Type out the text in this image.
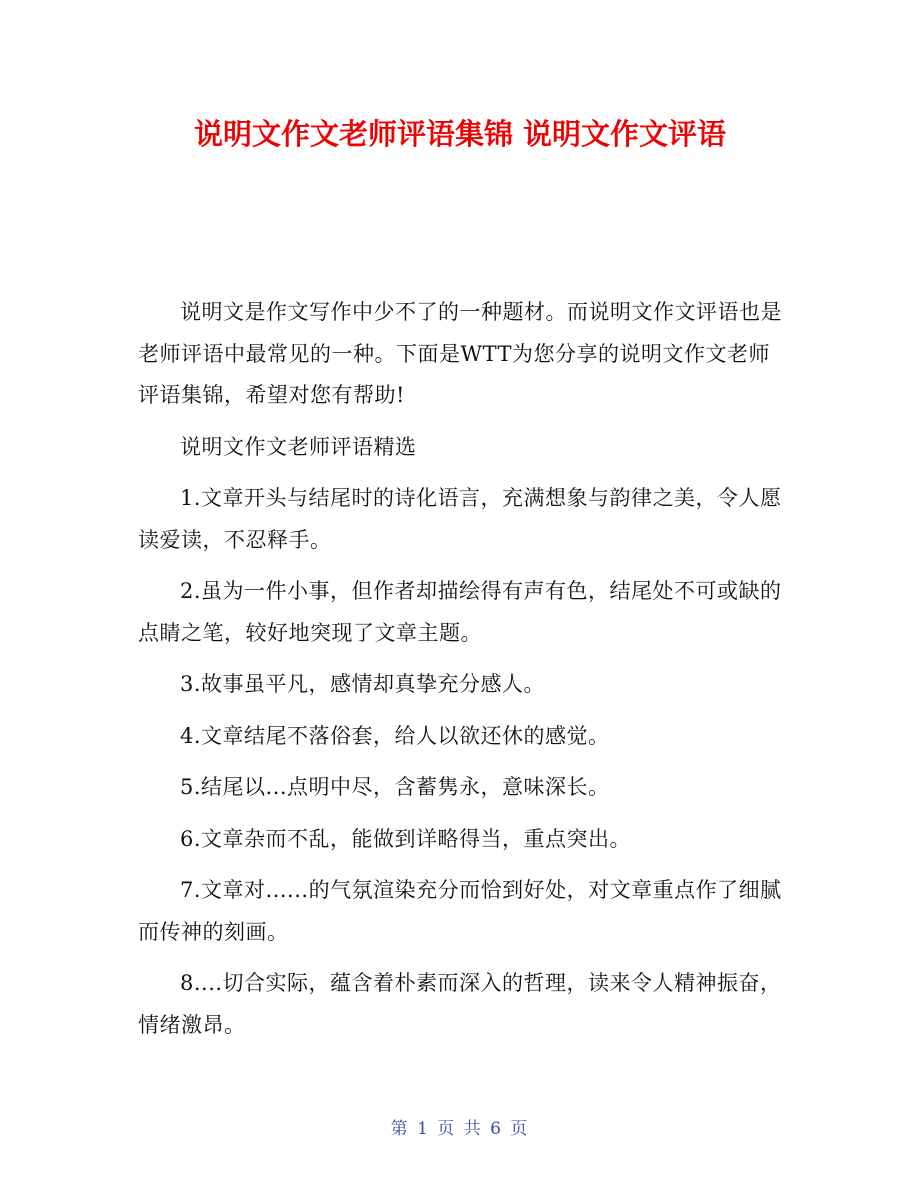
说明文作文老师评语集锦 说明文作文评语

说明文是作文写作中少不了的一种题材。而说明文作文评语也是老师评语中最常见的一种。下面是WTT为您分享的说明文作文老师评语集锦，希望对您有帮助!

说明文作文老师评语精选

1.文章开头与结尾时的诗化语言，充满想象与韵律之美，令人愿读爱读，不忍释手。

2.虽为一件小事，但作者却描绘得有声有色，结尾处不可或缺的点睛之笔，较好地突现了文章主题。

3.故事虽平凡，感情却真挚充分感人。

4.文章结尾不落俗套，给人以欲还休的感觉。

5.结尾以...点明中尽，含蓄隽永，意味深长。

6.文章杂而不乱，能做到详略得当，重点突出。

7.文章对......的气氛渲染充分而恰到好处，对文章重点作了细腻而传神的刻画。

8....切合实际，蕴含着朴素而深入的哲理，读来令人精神振奋，情绪激昂。

第 1 页 共 6 页
